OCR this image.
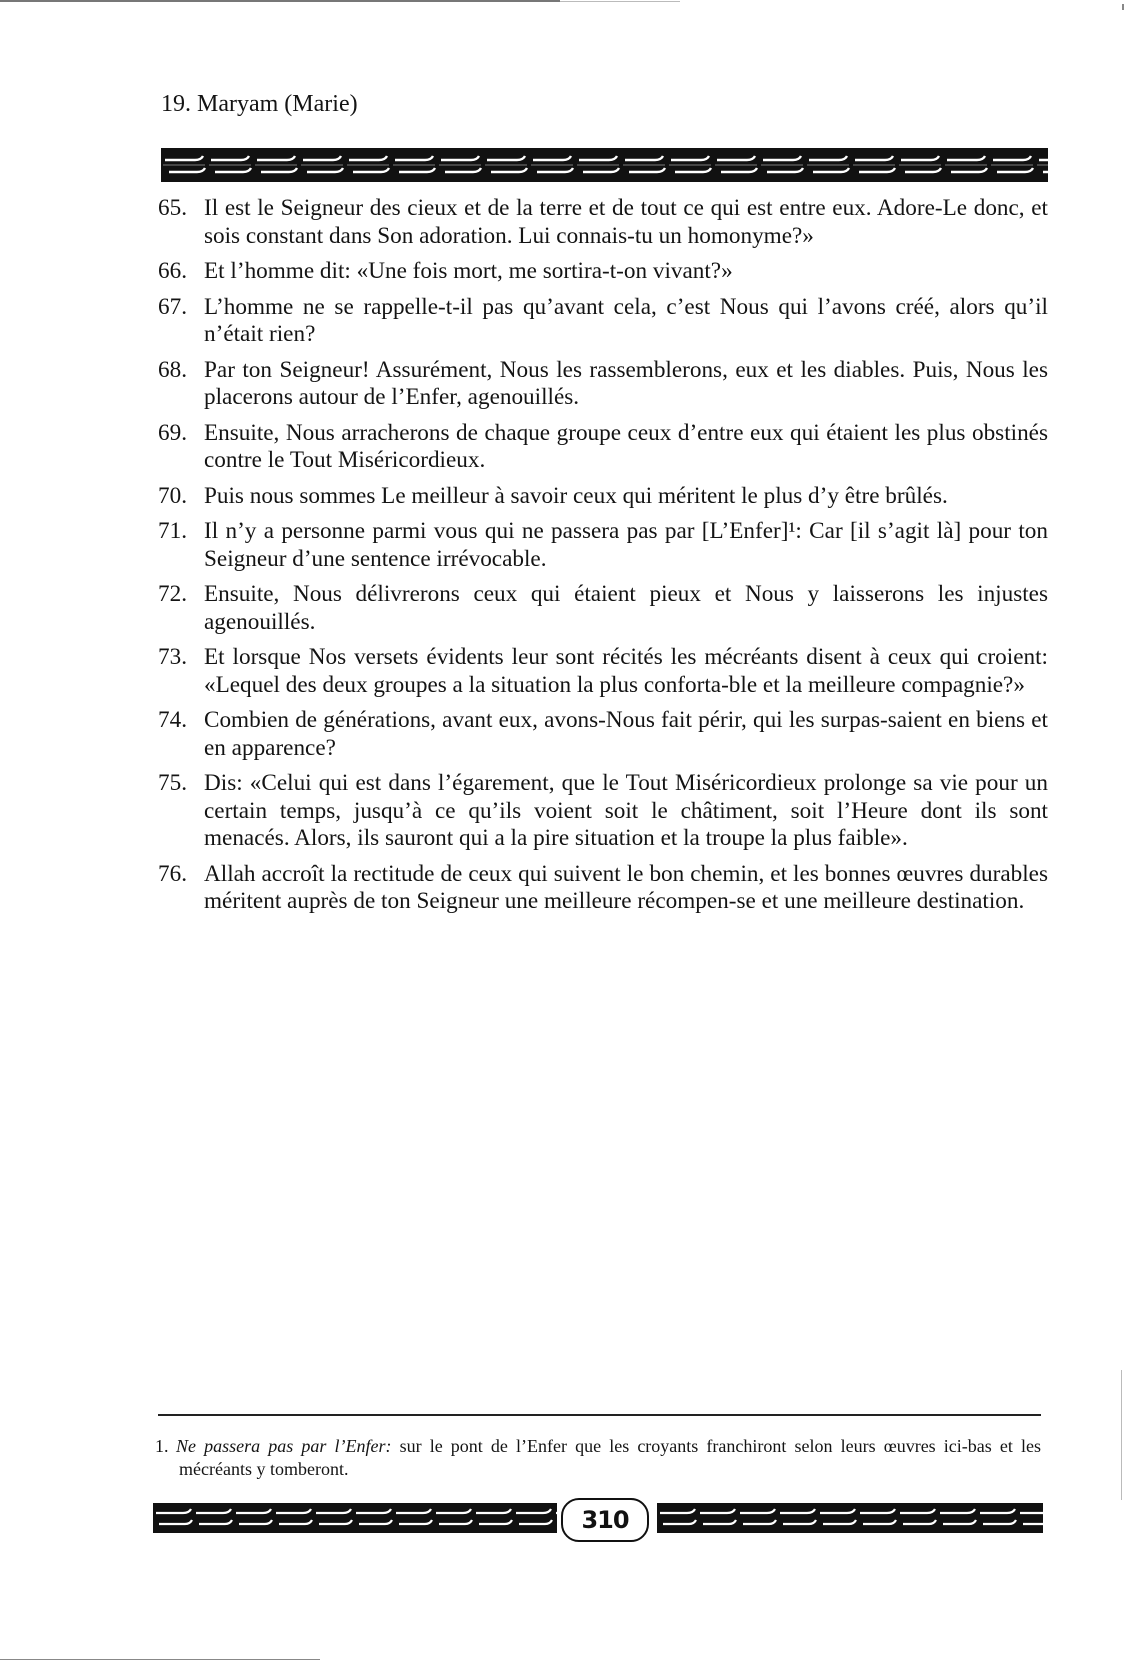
19. Maryam (Marie)
65. Il est le Seigneur des cieux et de la terre et de tout ce qui est entre eux. Adore-Le donc, et sois constant dans Son adoration. Lui connais-tu un homonyme?»
66. Et l’homme dit: «Une fois mort, me sortira-t-on vivant?»
67. L’homme ne se rappelle-t-il pas qu’avant cela, c’est Nous qui l’avons créé, alors qu’il n’était rien?
68. Par ton Seigneur! Assurément, Nous les rassemblerons, eux et les diables. Puis, Nous les placerons autour de l’Enfer, agenouillés.
69. Ensuite, Nous arracherons de chaque groupe ceux d’entre eux qui étaient les plus obstinés contre le Tout Miséricordieux.
70. Puis nous sommes Le meilleur à savoir ceux qui méritent le plus d’y être brûlés.
71. Il n’y a personne parmi vous qui ne passera pas par [L’Enfer]¹: Car [il s’agit là] pour ton Seigneur d’une sentence irrévocable.
72. Ensuite, Nous délivrerons ceux qui étaient pieux et Nous y laisserons les injustes agenouillés.
73. Et lorsque Nos versets évidents leur sont récités les mécréants disent à ceux qui croient: «Lequel des deux groupes a la situation la plus conforta-ble et la meilleure compagnie?»
74. Combien de générations, avant eux, avons-Nous fait périr, qui les surpas-saient en biens et en apparence?
75. Dis: «Celui qui est dans l’égarement, que le Tout Miséricordieux prolonge sa vie pour un certain temps, jusqu’à ce qu’ils voient soit le châtiment, soit l’Heure dont ils sont menacés. Alors, ils sauront qui a la pire situation et la troupe la plus faible».
76. Allah accroît la rectitude de ceux qui suivent le bon chemin, et les bonnes œuvres durables méritent auprès de ton Seigneur une meilleure récompen-se et une meilleure destination.
1. Ne passera pas par l’Enfer: sur le pont de l’Enfer que les croyants franchiront selon leurs œuvres ici-bas et les mécréants y tomberont.
310
